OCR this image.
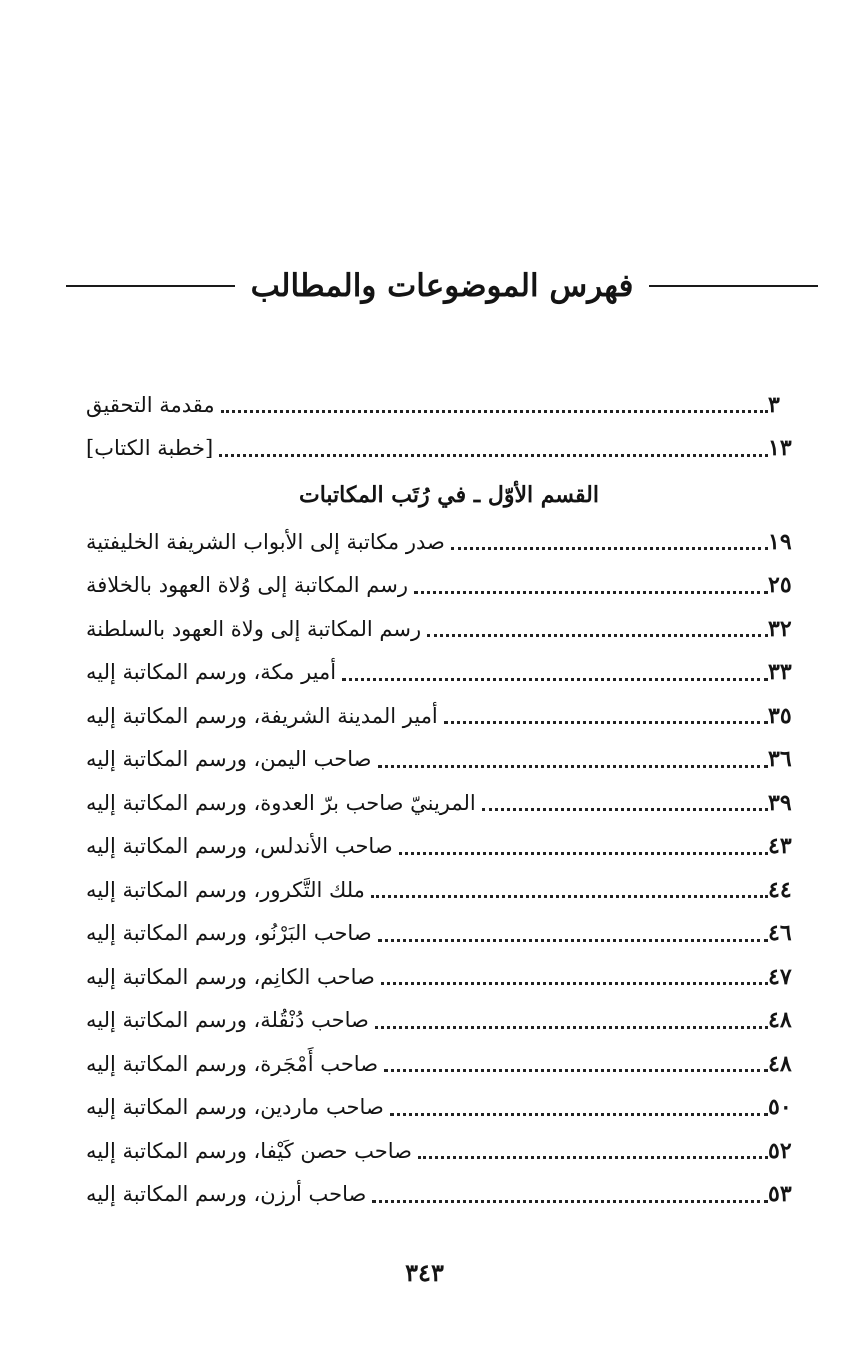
فهرس الموضوعات والمطالب
مقدمة التحقيق	٣
[خطبة الكتاب]	١٣
القسم الأوّل ـ في رُتَب المكاتبات
صدر مكاتبة إلى الأبواب الشريفة الخليفتية	١٩
رسم المكاتبة إلى وُلاة العهود بالخلافة	٢٥
رسم المكاتبة إلى ولاة العهود بالسلطنة	٣٢
أمير مكة، ورسم المكاتبة إليه	٣٣
أمير المدينة الشريفة، ورسم المكاتبة إليه	٣٥
صاحب اليمن، ورسم المكاتبة إليه	٣٦
المرينيّ صاحب برّ العدوة، ورسم المكاتبة إليه	٣٩
صاحب الأندلس، ورسم المكاتبة إليه	٤٣
ملك التَّكرور، ورسم المكاتبة إليه	٤٤
صاحب البَرْنُو، ورسم المكاتبة إليه	٤٦
صاحب الكانِم، ورسم المكاتبة إليه	٤٧
صاحب دُنْقُلة، ورسم المكاتبة إليه	٤٨
صاحب أَمْجَرة، ورسم المكاتبة إليه	٤٨
صاحب ماردين، ورسم المكاتبة إليه	٥٠
صاحب حصن كَيْفا، ورسم المكاتبة إليه	٥٢
صاحب أرزن، ورسم المكاتبة إليه	٥٣
٣٤٣
